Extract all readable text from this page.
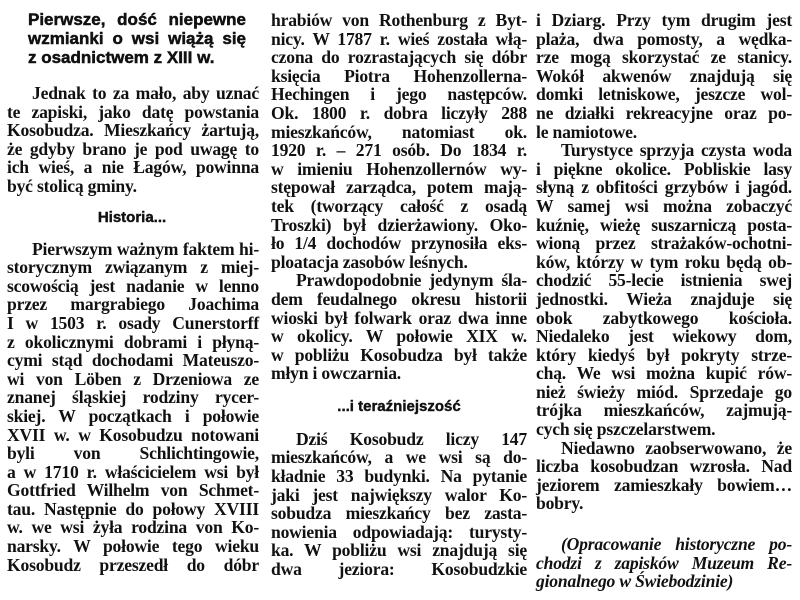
Pierwsze, dość niepewne
wzmianki o wsi wiążą się
z osadnictwem z XIII w.
Jednak to za mało, aby uznać
te zapiski, jako datę powstania
Kosobudza. Mieszkańcy żartują,
że gdyby brano je pod uwagę to
ich wieś, a nie Łagów, powinna
być stolicą gminy.
Historia...
Pierwszym ważnym faktem hi-
storycznym związanym z miej-
scowością jest nadanie w lenno
przez margrabiego Joachima
I w 1503 r. osady Cunerstorff
z okolicznymi dobrami i płyną-
cymi stąd dochodami Mateuszo-
wi von Löben z Drzeniowa ze
znanej śląskiej rodziny rycer-
skiej. W początkach i połowie
XVII w. w Kosobudzu notowani
byli von Schlichtingowie,
a w 1710 r. właścicielem wsi był
Gottfried Wilhelm von Schmet-
tau. Następnie do połowy XVIII
w. we wsi żyła rodzina von Ko-
narsky. W połowie tego wieku
Kosobudz przeszedł do dóbr
hrabiów von Rothenburg z Byt-
nicy. W 1787 r. wieś została włą-
czona do rozrastających się dóbr
księcia Piotra Hohenzollerna-
Hechingen i jego następców.
Ok. 1800 r. dobra liczyły 288
mieszkańców, natomiast ok.
1920 r. – 271 osób. Do 1834 r.
w imieniu Hohenzollernów wy-
stępował zarządca, potem mają-
tek (tworzący całość z osadą
Troszki) był dzierżawiony. Oko-
ło 1/4 dochodów przynosiła eks-
ploatacja zasobów leśnych.
Prawdopodobnie jedynym śla-
dem feudalnego okresu historii
wioski był folwark oraz dwa inne
w okolicy. W połowie XIX w.
w pobliżu Kosobudza był także
młyn i owczarnia.
...i teraźniejszość
Dziś Kosobudz liczy 147
mieszkańców, a we wsi są do-
kładnie 33 budynki. Na pytanie
jaki jest największy walor Ko-
sobudza mieszkańcy bez zasta-
nowienia odpowiadają: turysty-
ka. W pobliżu wsi znajdują się
dwa jeziora: Kosobudzkie
i Dziarg. Przy tym drugim jest
plaża, dwa pomosty, a wędka-
rze mogą skorzystać ze stanicy.
Wokół akwenów znajdują się
domki letniskowe, jeszcze wol-
ne działki rekreacyjne oraz po-
le namiotowe.
Turystyce sprzyja czysta woda
i piękne okolice. Pobliskie lasy
słyną z obfitości grzybów i jagód.
W samej wsi można zobaczyć
kuźnię, wieżę suszarniczą posta-
wioną przez strażaków-ochotni-
ków, którzy w tym roku będą ob-
chodzić 55-lecie istnienia swej
jednostki. Wieża znajduje się
obok zabytkowego kościoła.
Niedaleko jest wiekowy dom,
który kiedyś był pokryty strze-
chą. We wsi można kupić rów-
nież świeży miód. Sprzedaje go
trójka mieszkańców, zajmują-
cych się pszczelarstwem.
Niedawno zaobserwowano, że
liczba kosobudzan wzrosła. Nad
jeziorem zamieszkały bowiem…
bobry.
(Opracowanie historyczne po-
chodzi z zapisków Muzeum Re-
gionalnego w Świebodzinie)
